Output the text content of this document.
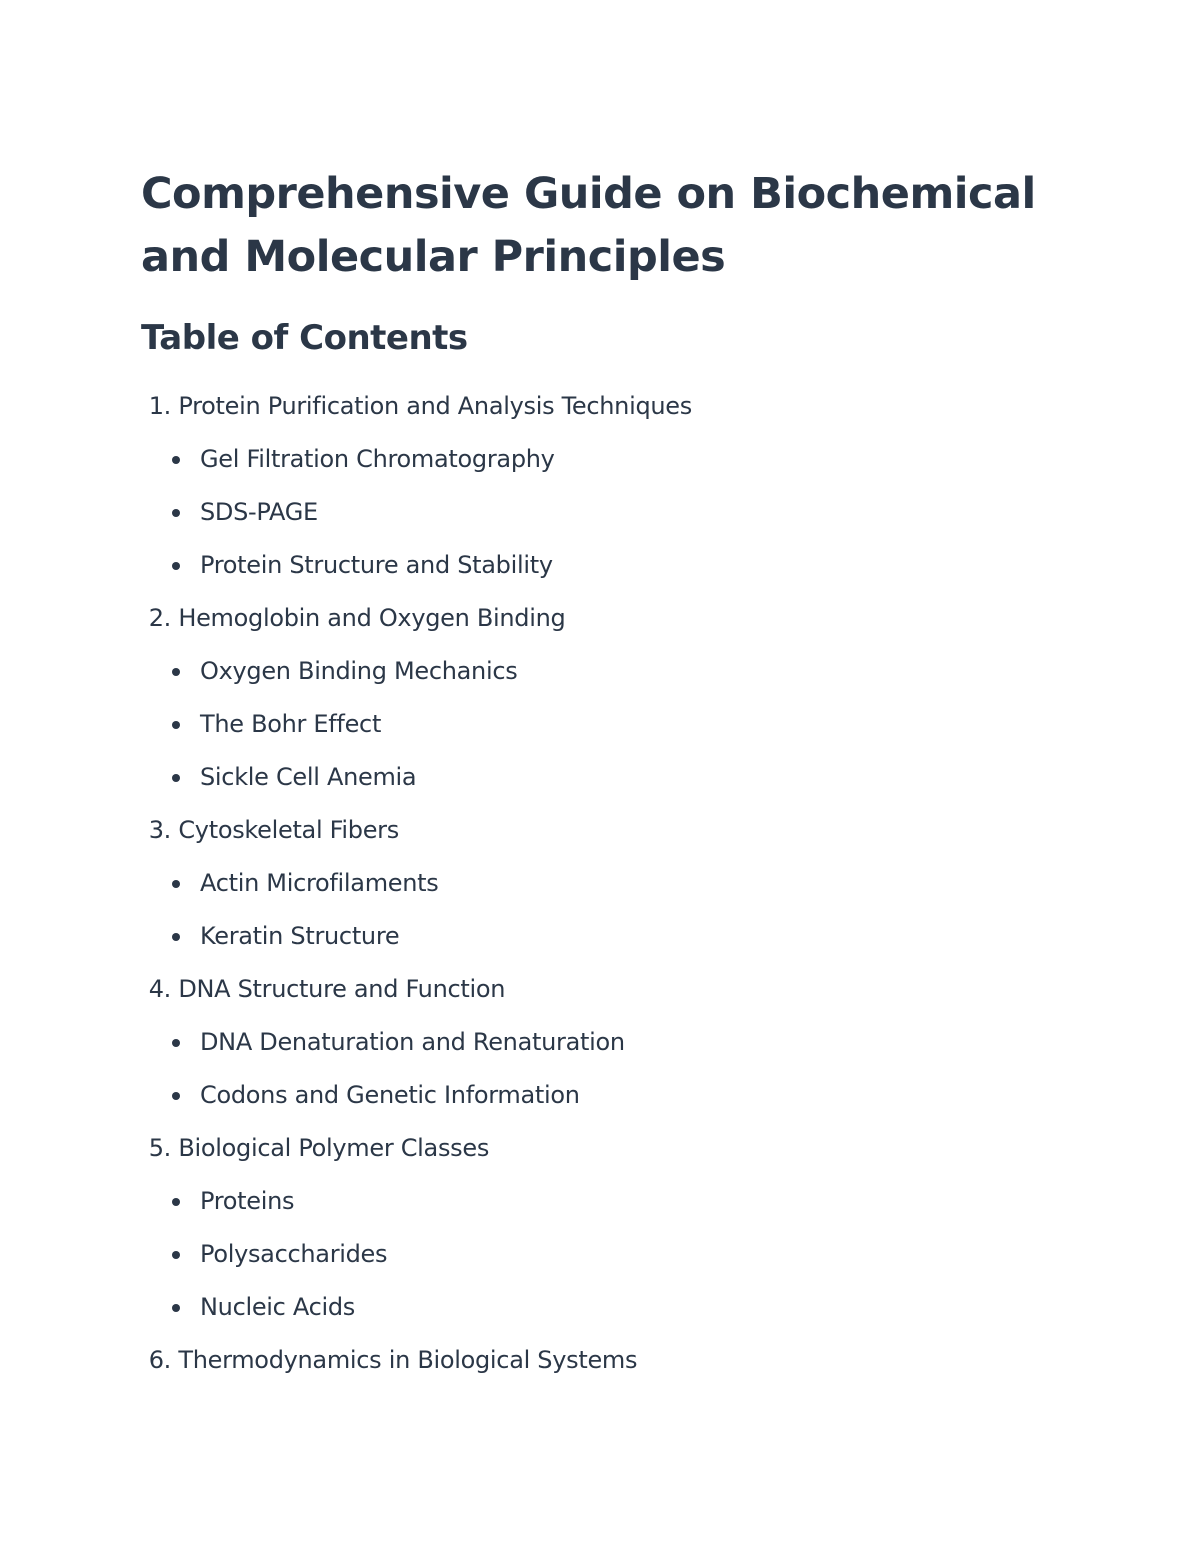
Comprehensive Guide on Biochemical and Molecular Principles
Table of Contents
1. Protein Purification and Analysis Techniques
Gel Filtration Chromatography
SDS-PAGE
Protein Structure and Stability
2. Hemoglobin and Oxygen Binding
Oxygen Binding Mechanics
The Bohr Effect
Sickle Cell Anemia
3. Cytoskeletal Fibers
Actin Microfilaments
Keratin Structure
4. DNA Structure and Function
DNA Denaturation and Renaturation
Codons and Genetic Information
5. Biological Polymer Classes
Proteins
Polysaccharides
Nucleic Acids
6. Thermodynamics in Biological Systems
